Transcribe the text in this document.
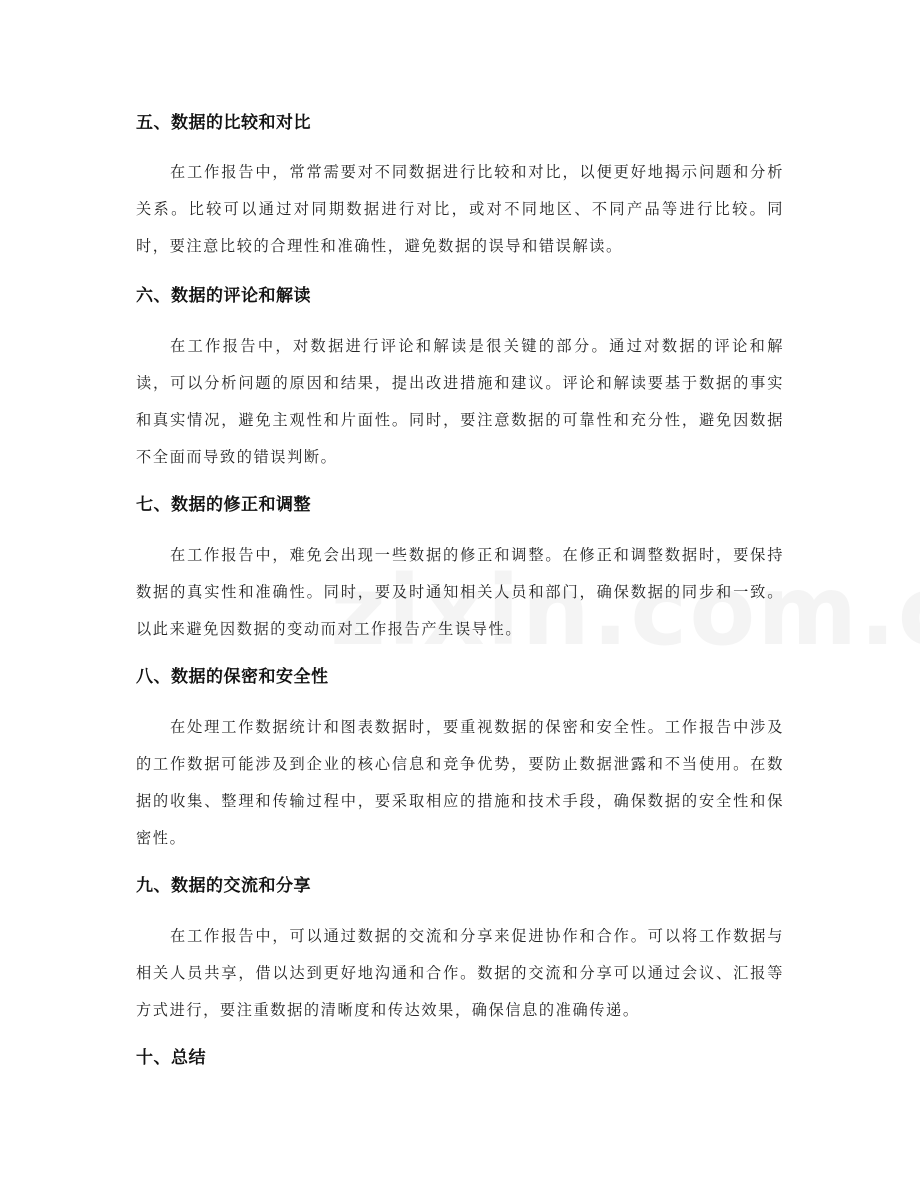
五、数据的比较和对比

在工作报告中，常常需要对不同数据进行比较和对比，以便更好地揭示问题和分析关系。比较可以通过对同期数据进行对比，或对不同地区、不同产品等进行比较。同时，要注意比较的合理性和准确性，避免数据的误导和错误解读。

六、数据的评论和解读

在工作报告中，对数据进行评论和解读是很关键的部分。通过对数据的评论和解读，可以分析问题的原因和结果，提出改进措施和建议。评论和解读要基于数据的事实和真实情况，避免主观性和片面性。同时，要注意数据的可靠性和充分性，避免因数据不全面而导致的错误判断。

七、数据的修正和调整

在工作报告中，难免会出现一些数据的修正和调整。在修正和调整数据时，要保持数据的真实性和准确性。同时，要及时通知相关人员和部门，确保数据的同步和一致。以此来避免因数据的变动而对工作报告产生误导性。

八、数据的保密和安全性

在处理工作数据统计和图表数据时，要重视数据的保密和安全性。工作报告中涉及的工作数据可能涉及到企业的核心信息和竞争优势，要防止数据泄露和不当使用。在数据的收集、整理和传输过程中，要采取相应的措施和技术手段，确保数据的安全性和保密性。

九、数据的交流和分享

在工作报告中，可以通过数据的交流和分享来促进协作和合作。可以将工作数据与相关人员共享，借以达到更好地沟通和合作。数据的交流和分享可以通过会议、汇报等方式进行，要注重数据的清晰度和传达效果，确保信息的准确传递。

十、总结
